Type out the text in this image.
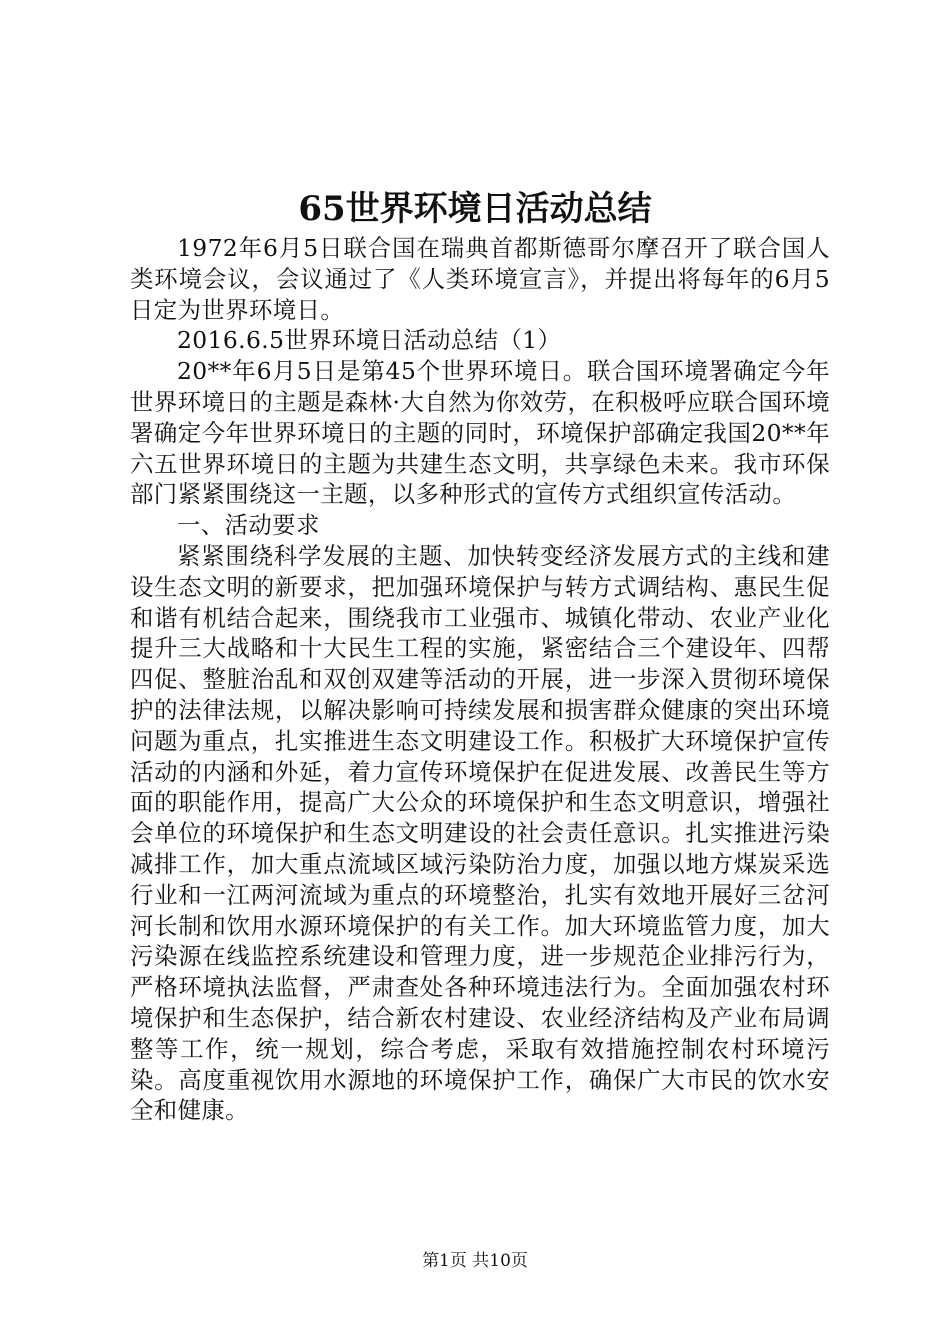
65世界环境日活动总结

1972年6月5日联合国在瑞典首都斯德哥尔摩召开了联合国人类环境会议，会议通过了《人类环境宣言》，并提出将每年的6月5日定为世界环境日。

2016.6.5世界环境日活动总结（1）

20**年6月5日是第45个世界环境日。联合国环境署确定今年世界环境日的主题是森林·大自然为你效劳，在积极呼应联合国环境署确定今年世界环境日的主题的同时，环境保护部确定我国20**年六五世界环境日的主题为共建生态文明，共享绿色未来。我市环保部门紧紧围绕这一主题，以多种形式的宣传方式组织宣传活动。

一、活动要求

紧紧围绕科学发展的主题、加快转变经济发展方式的主线和建设生态文明的新要求，把加强环境保护与转方式调结构、惠民生促和谐有机结合起来，围绕我市工业强市、城镇化带动、农业产业化提升三大战略和十大民生工程的实施，紧密结合三个建设年、四帮四促、整脏治乱和双创双建等活动的开展，进一步深入贯彻环境保护的法律法规，以解决影响可持续发展和损害群众健康的突出环境问题为重点，扎实推进生态文明建设工作。积极扩大环境保护宣传活动的内涵和外延，着力宣传环境保护在促进发展、改善民生等方面的职能作用，提高广大公众的环境保护和生态文明意识，增强社会单位的环境保护和生态文明建设的社会责任意识。扎实推进污染减排工作，加大重点流域区域污染防治力度，加强以地方煤炭采选行业和一江两河流域为重点的环境整治，扎实有效地开展好三岔河河长制和饮用水源环境保护的有关工作。加大环境监管力度，加大污染源在线监控系统建设和管理力度，进一步规范企业排污行为，严格环境执法监督，严肃查处各种环境违法行为。全面加强农村环境保护和生态保护，结合新农村建设、农业经济结构及产业布局调整等工作，统一规划，综合考虑，采取有效措施控制农村环境污染。高度重视饮用水源地的环境保护工作，确保广大市民的饮水安全和健康。

第1页 共10页
